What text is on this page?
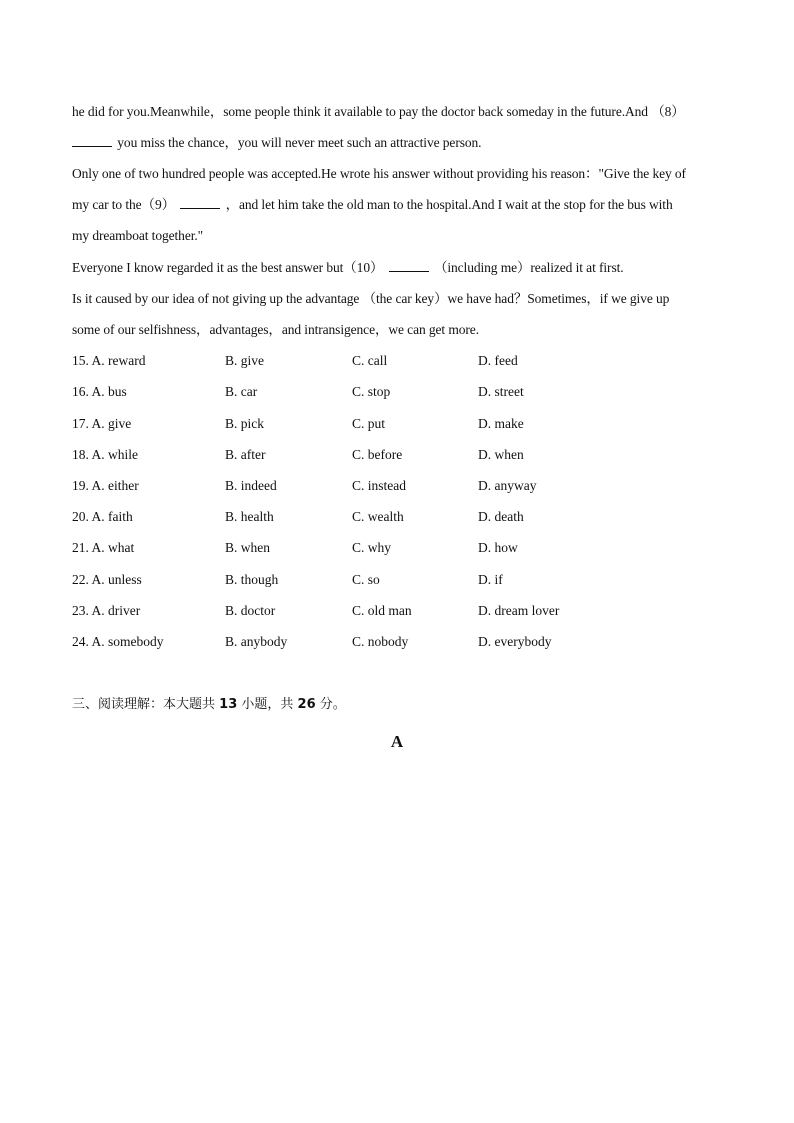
he did for you.Meanwhile，some people think it available to pay the doctor back someday in the future.And （8）
you miss the chance，you will never meet such an attractive person.
Only one of two hundred people was accepted.He wrote his answer without providing his reason："Give the key of
my car to the（9）	，and let him take the old man to the hospital.And I wait at the stop for the bus with
my dreamboat together."
Everyone I know regarded it as the best answer but（10）	（including me）realized it at first.
Is it caused by our idea of not giving up the advantage （the car key）we have had？Sometimes，if we give up
some of our selfishness，advantages，and intransigence，we can get more.
15. A. reward	B. give	C. call	D. feed
16. A. bus	B. car	C. stop	D. street
17. A. give	B. pick	C. put	D. make
18. A. while	B. after	C. before	D. when
19. A. either	B. indeed	C. instead	D. anyway
20. A. faith	B. health	C. wealth	D. death
21. A. what	B. when	C. why	D. how
22. A. unless	B. though	C. so	D. if
23. A. driver	B. doctor	C. old man	D. dream lover
24. A. somebody	B. anybody	C. nobody	D. everybody
三、阅读理解：本大题共 13 小题，共 26 分。
A
